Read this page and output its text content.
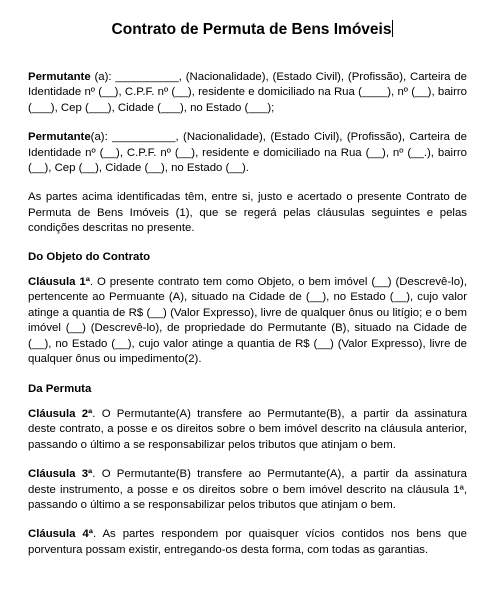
Contrato de Permuta de Bens Imóveis

Permutante (a): __________, (Nacionalidade), (Estado Civil), (Profissão), Carteira de Identidade nº (__), C.P.F. nº (__), residente e domiciliado na Rua (____), nº (__), bairro (___), Cep (___), Cidade (___), no Estado (___);

Permutante(a): __________, (Nacionalidade), (Estado Civil), (Profissão), Carteira de Identidade nº (__), C.P.F. nº (__), residente e domiciliado na Rua (__), nº (__.), bairro (__), Cep (__), Cidade (__), no Estado (__).

As partes acima identificadas têm, entre si, justo e acertado o presente Contrato de Permuta de Bens Imóveis (1), que se regerá pelas cláusulas seguintes e pelas condições descritas no presente.

Do Objeto do Contrato

Cláusula 1ª. O presente contrato tem como Objeto, o bem imóvel (__) (Descrevê-lo), pertencente ao Permuante (A), situado na Cidade de (__), no Estado (__), cujo valor atinge a quantia de R$ (__) (Valor Expresso), livre de qualquer ônus ou litígio; e o bem imóvel (__) (Descrevê-lo), de propriedade do Permutante (B), situado na Cidade de (__), no Estado (__), cujo valor atinge a quantia de R$ (__) (Valor Expresso), livre de qualquer ônus ou impedimento(2).

Da Permuta

Cláusula 2ª. O Permutante(A) transfere ao Permutante(B), a partir da assinatura deste contrato, a posse e os direitos sobre o bem imóvel descrito na cláusula anterior, passando o último a se responsabilizar pelos tributos que atinjam o bem.

Cláusula 3ª. O Permutante(B) transfere ao Permutante(A), a partir da assinatura deste instrumento, a posse e os direitos sobre o bem imóvel descrito na cláusula 1ª, passando o último a se responsabilizar pelos tributos que atinjam o bem.

Cláusula 4ª. As partes respondem por quaisquer vícios contidos nos bens que porventura possam existir, entregando-os desta forma, com todas as garantias.
